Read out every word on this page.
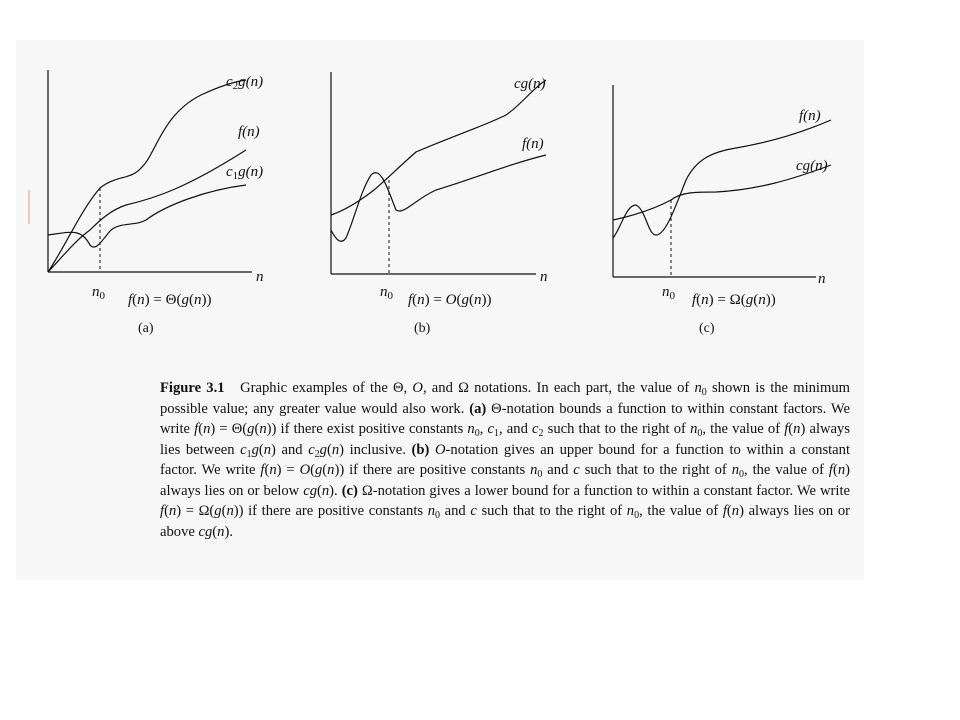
$c_2g(n)$
f(n)
$c_1g(n)$
n
$n_0$ f(n) = Θ(g(n))
(a)
cg(n)
f(n)
n
$n_0$ f(n) = O(g(n))
(b)
f(n)
cg(n)
n
$n_0$ f(n) = Ω(g(n))
(c)

Figure 3.1 Graphic examples of the Θ, O, and Ω notations. In each part, the value of $n_0$ shown is the minimum possible value; any greater value would also work. (a) Θ-notation bounds a function to within constant factors. We write f(n) = Θ(g(n)) if there exist positive constants $n_0$, $c_1$, and $c_2$ such that to the right of $n_0$, the value of f(n) always lies between $c_1g(n)$ and $c_2g(n)$ inclusive. (b) O-notation gives an upper bound for a function to within a constant factor. We write f(n) = O(g(n)) if there are positive constants $n_0$ and c such that to the right of $n_0$, the value of f(n) always lies on or below cg(n). (c) Ω-notation gives a lower bound for a function to within a constant factor. We write f(n) = Ω(g(n)) if there are positive constants $n_0$ and c such that to the right of $n_0$, the value of f(n) always lies on or above cg(n).
